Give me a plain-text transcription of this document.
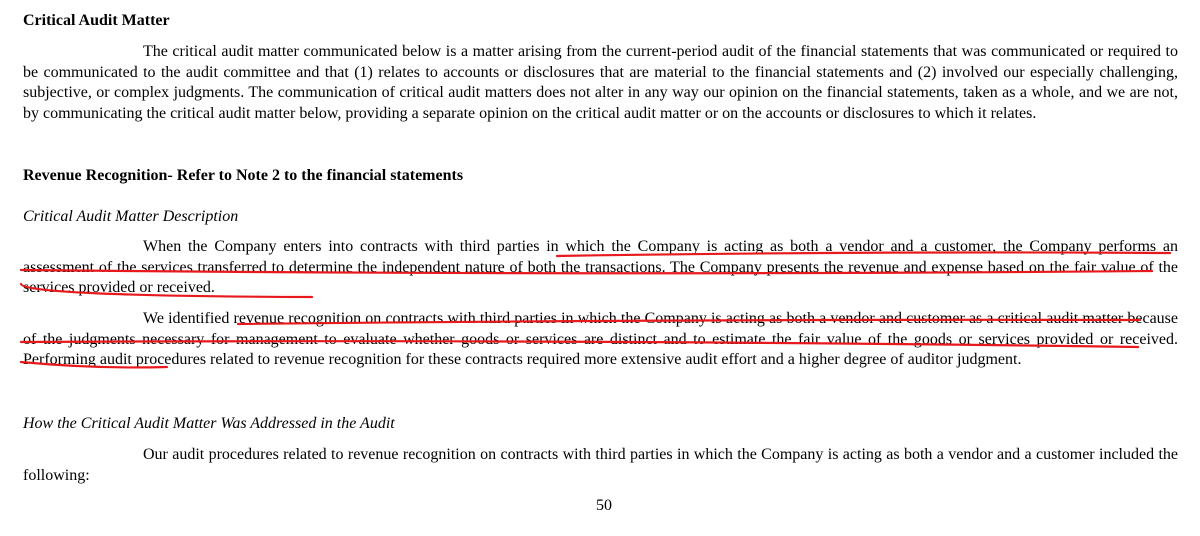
Critical Audit Matter

The critical audit matter communicated below is a matter arising from the current-period audit of the financial statements that was communicated or required to be communicated to the audit committee and that (1) relates to accounts or disclosures that are material to the financial statements and (2) involved our especially challenging, subjective, or complex judgments. The communication of critical audit matters does not alter in any way our opinion on the financial statements, taken as a whole, and we are not, by communicating the critical audit matter below, providing a separate opinion on the critical audit matter or on the accounts or disclosures to which it relates.

Revenue Recognition- Refer to Note 2 to the financial statements
Critical Audit Matter Description

When the Company enters into contracts with third parties in which the Company is acting as both a vendor and a customer, the Company performs an assessment of the services transferred to determine the independent nature of both the transactions. The Company presents the revenue and expense based on the fair value of the services provided or received.

We identified revenue recognition on contracts with third parties in which the Company is acting as both a vendor and customer as a critical audit matter because of the judgments necessary for management to evaluate whether goods or services are distinct and to estimate the fair value of the goods or services provided or received. Performing audit procedures related to revenue recognition for these contracts required more extensive audit effort and a higher degree of auditor judgment.

How the Critical Audit Matter Was Addressed in the Audit

Our audit procedures related to revenue recognition on contracts with third parties in which the Company is acting as both a vendor and a customer included the following:

50
